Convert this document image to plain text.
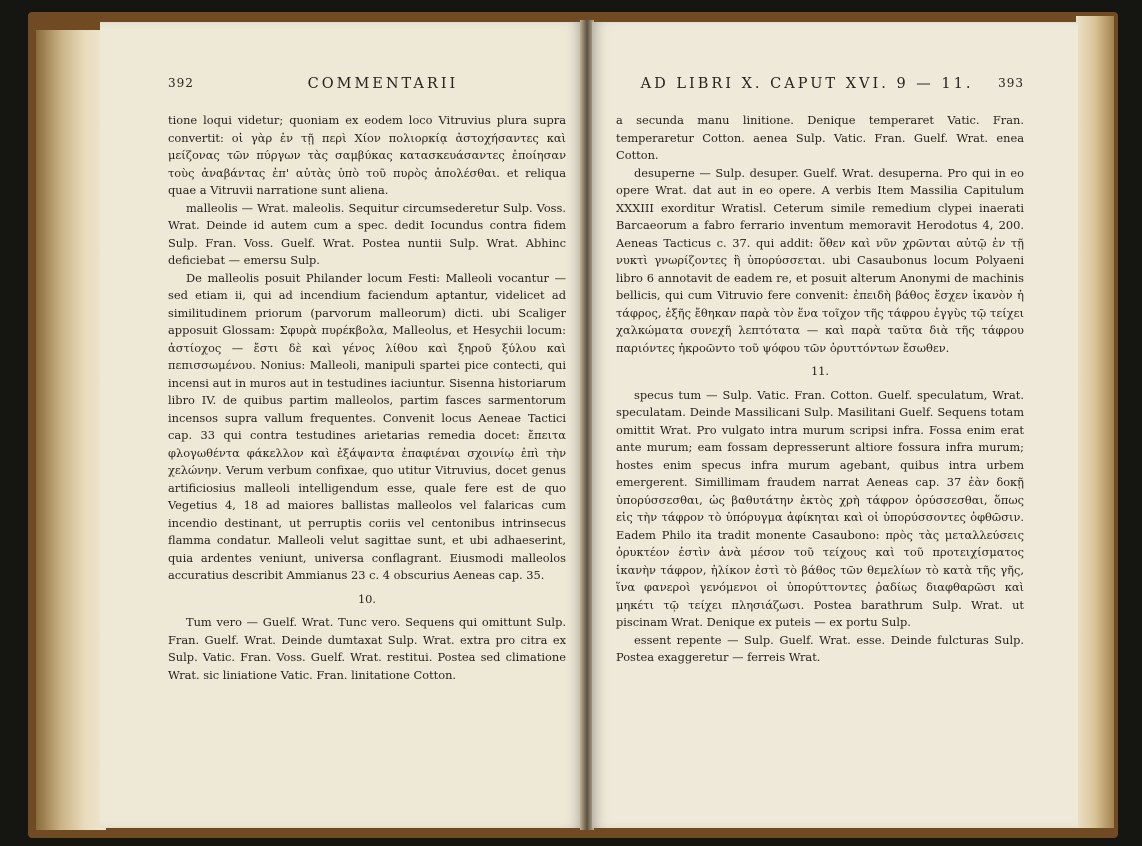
392	COMMENTARII

tione loqui videtur; quoniam ex eodem loco Vitruvius plura supra convertit: οἱ γὰρ ἐν τῇ περὶ Χίον πολιορκίᾳ ἀστοχήσαντες καὶ μείζονας τῶν πύργων τὰς σαμβύκας κατασκευάσαντες ἐποίησαν τοὺς ἀναβάντας ἐπ' αὐτὰς ὑπὸ τοῦ πυρὸς ἀπολέσθαι. et reliqua quae a Vitruvii narratione sunt aliena.

malleolis — Wrat. maleolis. Sequitur circumsederetur Sulp. Voss. Wrat. Deinde id autem cum a spec. dedit Iocundus contra fidem Sulp. Fran. Voss. Guelf. Wrat. Postea nuntii Sulp. Wrat. Abhinc deficiebat — emersu Sulp.

De malleolis posuit Philander locum Festi: Malleoli vocantur — sed etiam ii, qui ad incendium faciendum aptantur, videlicet ad similitudinem priorum (parvorum malleorum) dicti. ubi Scaliger apposuit Glossam: Σφυρὰ πυρέκβολα, Malleolus, et Hesychii locum: ἀστίοχος — ἔστι δὲ καὶ γένος λίθου καὶ ξηροῦ ξύλου καὶ πεπισσωμένου. Nonius: Malleoli, manipuli spartei pice contecti, qui incensi aut in muros aut in testudines iaciuntur. Sisenna historiarum libro IV. de quibus partim malleolos, partim fasces sarmentorum incensos supra vallum frequentes. Convenit locus Aeneae Tactici cap. 33 qui contra testudines arietarias remedia docet: ἔπειτα φλογωθέντα φάκελλον καὶ ἐξάψαντα ἐπαφιέναι σχοινίῳ ἐπὶ τὴν χελώνην. Verum verbum confixae, quo utitur Vitruvius, docet genus artificiosius malleoli intelligendum esse, quale fere est de quo Vegetius 4, 18 ad maiores ballistas malleolos vel falaricas cum incendio destinant, ut perruptis coriis vel centonibus intrinsecus flamma condatur. Malleoli velut sagittae sunt, et ubi adhaeserint, quia ardentes veniunt, universa conflagrant. Eiusmodi malleolos accuratius describit Ammianus 23 c. 4 obscurius Aeneas cap. 35.

10.

Tum vero — Guelf. Wrat. Tunc vero. Sequens qui omittunt Sulp. Fran. Guelf. Wrat. Deinde dumtaxat Sulp. Wrat. extra pro citra ex Sulp. Vatic. Fran. Voss. Guelf. Wrat. restitui. Postea sed climatione Wrat. sic liniatione Vatic. Fran. linitatione Cotton.

AD LIBRI X. CAPUT XVI. 9 — 11. 393

a secunda manu linitione. Denique temperaret Vatic. Fran. temperaretur Cotton. aenea Sulp. Vatic. Fran. Guelf. Wrat. enea Cotton.

desuperne — Sulp. desuper. Guelf. Wrat. desuperna. Pro qui in eo opere Wrat. dat aut in eo opere. A verbis Item Massilia Capitulum XXXIII exorditur Wratisl. Ceterum simile remedium clypei inaerati Barcaeorum a fabro ferrario inventum memoravit Herodotus 4, 200. Aeneas Tacticus c. 37. qui addit: ὅθεν καὶ νῦν χρῶνται αὐτῷ ἐν τῇ νυκτὶ γνωρίζοντες ἢ ὑπορύσσεται. ubi Casaubonus locum Polyaeni libro 6 annotavit de eadem re, et posuit alterum Anonymi de machinis bellicis, qui cum Vitruvio fere convenit: ἐπειδὴ βάθος ἔσχεν ἱκανὸν ἡ τάφρος, ἑξῆς ἔθηκαν παρὰ τὸν ἕνα τοῖχον τῆς τάφρου ἐγγὺς τῷ τείχει χαλκώματα συνεχῆ λεπτότατα — καὶ παρὰ ταῦτα διὰ τῆς τάφρου παριόντες ἠκροῶντο τοῦ ψόφου τῶν ὀρυττόντων ἔσωθεν.

11.

specus tum — Sulp. Vatic. Fran. Cotton. Guelf. speculatum, Wrat. speculatam. Deinde Massilicani Sulp. Masilitani Guelf. Sequens totam omittit Wrat. Pro vulgato intra murum scripsi infra. Fossa enim erat ante murum; eam fossam depresserunt altiore fossura infra murum; hostes enim specus infra murum agebant, quibus intra urbem emergerent. Simillimam fraudem narrat Aeneas cap. 37 ἐὰν δοκῇ ὑπορύσσεσθαι, ὡς βαθυτάτην ἐκτὸς χρὴ τάφρον ὀρύσσεσθαι, ὅπως εἰς τὴν τάφρον τὸ ὑπόρυγμα ἀφίκηται καὶ οἱ ὑπορύσσοντες ὀφθῶσιν. Eadem Philo ita tradit monente Casaubono: πρὸς τὰς μεταλλεύσεις ὀρυκτέον ἐστὶν ἀνὰ μέσον τοῦ τείχους καὶ τοῦ προτειχίσματος ἱκανὴν τάφρον, ἡλίκον ἐστὶ τὸ βάθος τῶν θεμελίων τὸ κατὰ τῆς γῆς, ἵνα φανεροὶ γενόμενοι οἱ ὑπορύττοντες ῥαδίως διαφθαρῶσι καὶ μηκέτι τῷ τείχει πλησιάζωσι. Postea barathrum Sulp. Wrat. ut piscinam Wrat. Denique ex puteis — ex portu Sulp.

essent repente — Sulp. Guelf. Wrat. esse. Deinde fulcturas Sulp. Postea exaggeretur — ferreis Wrat.
